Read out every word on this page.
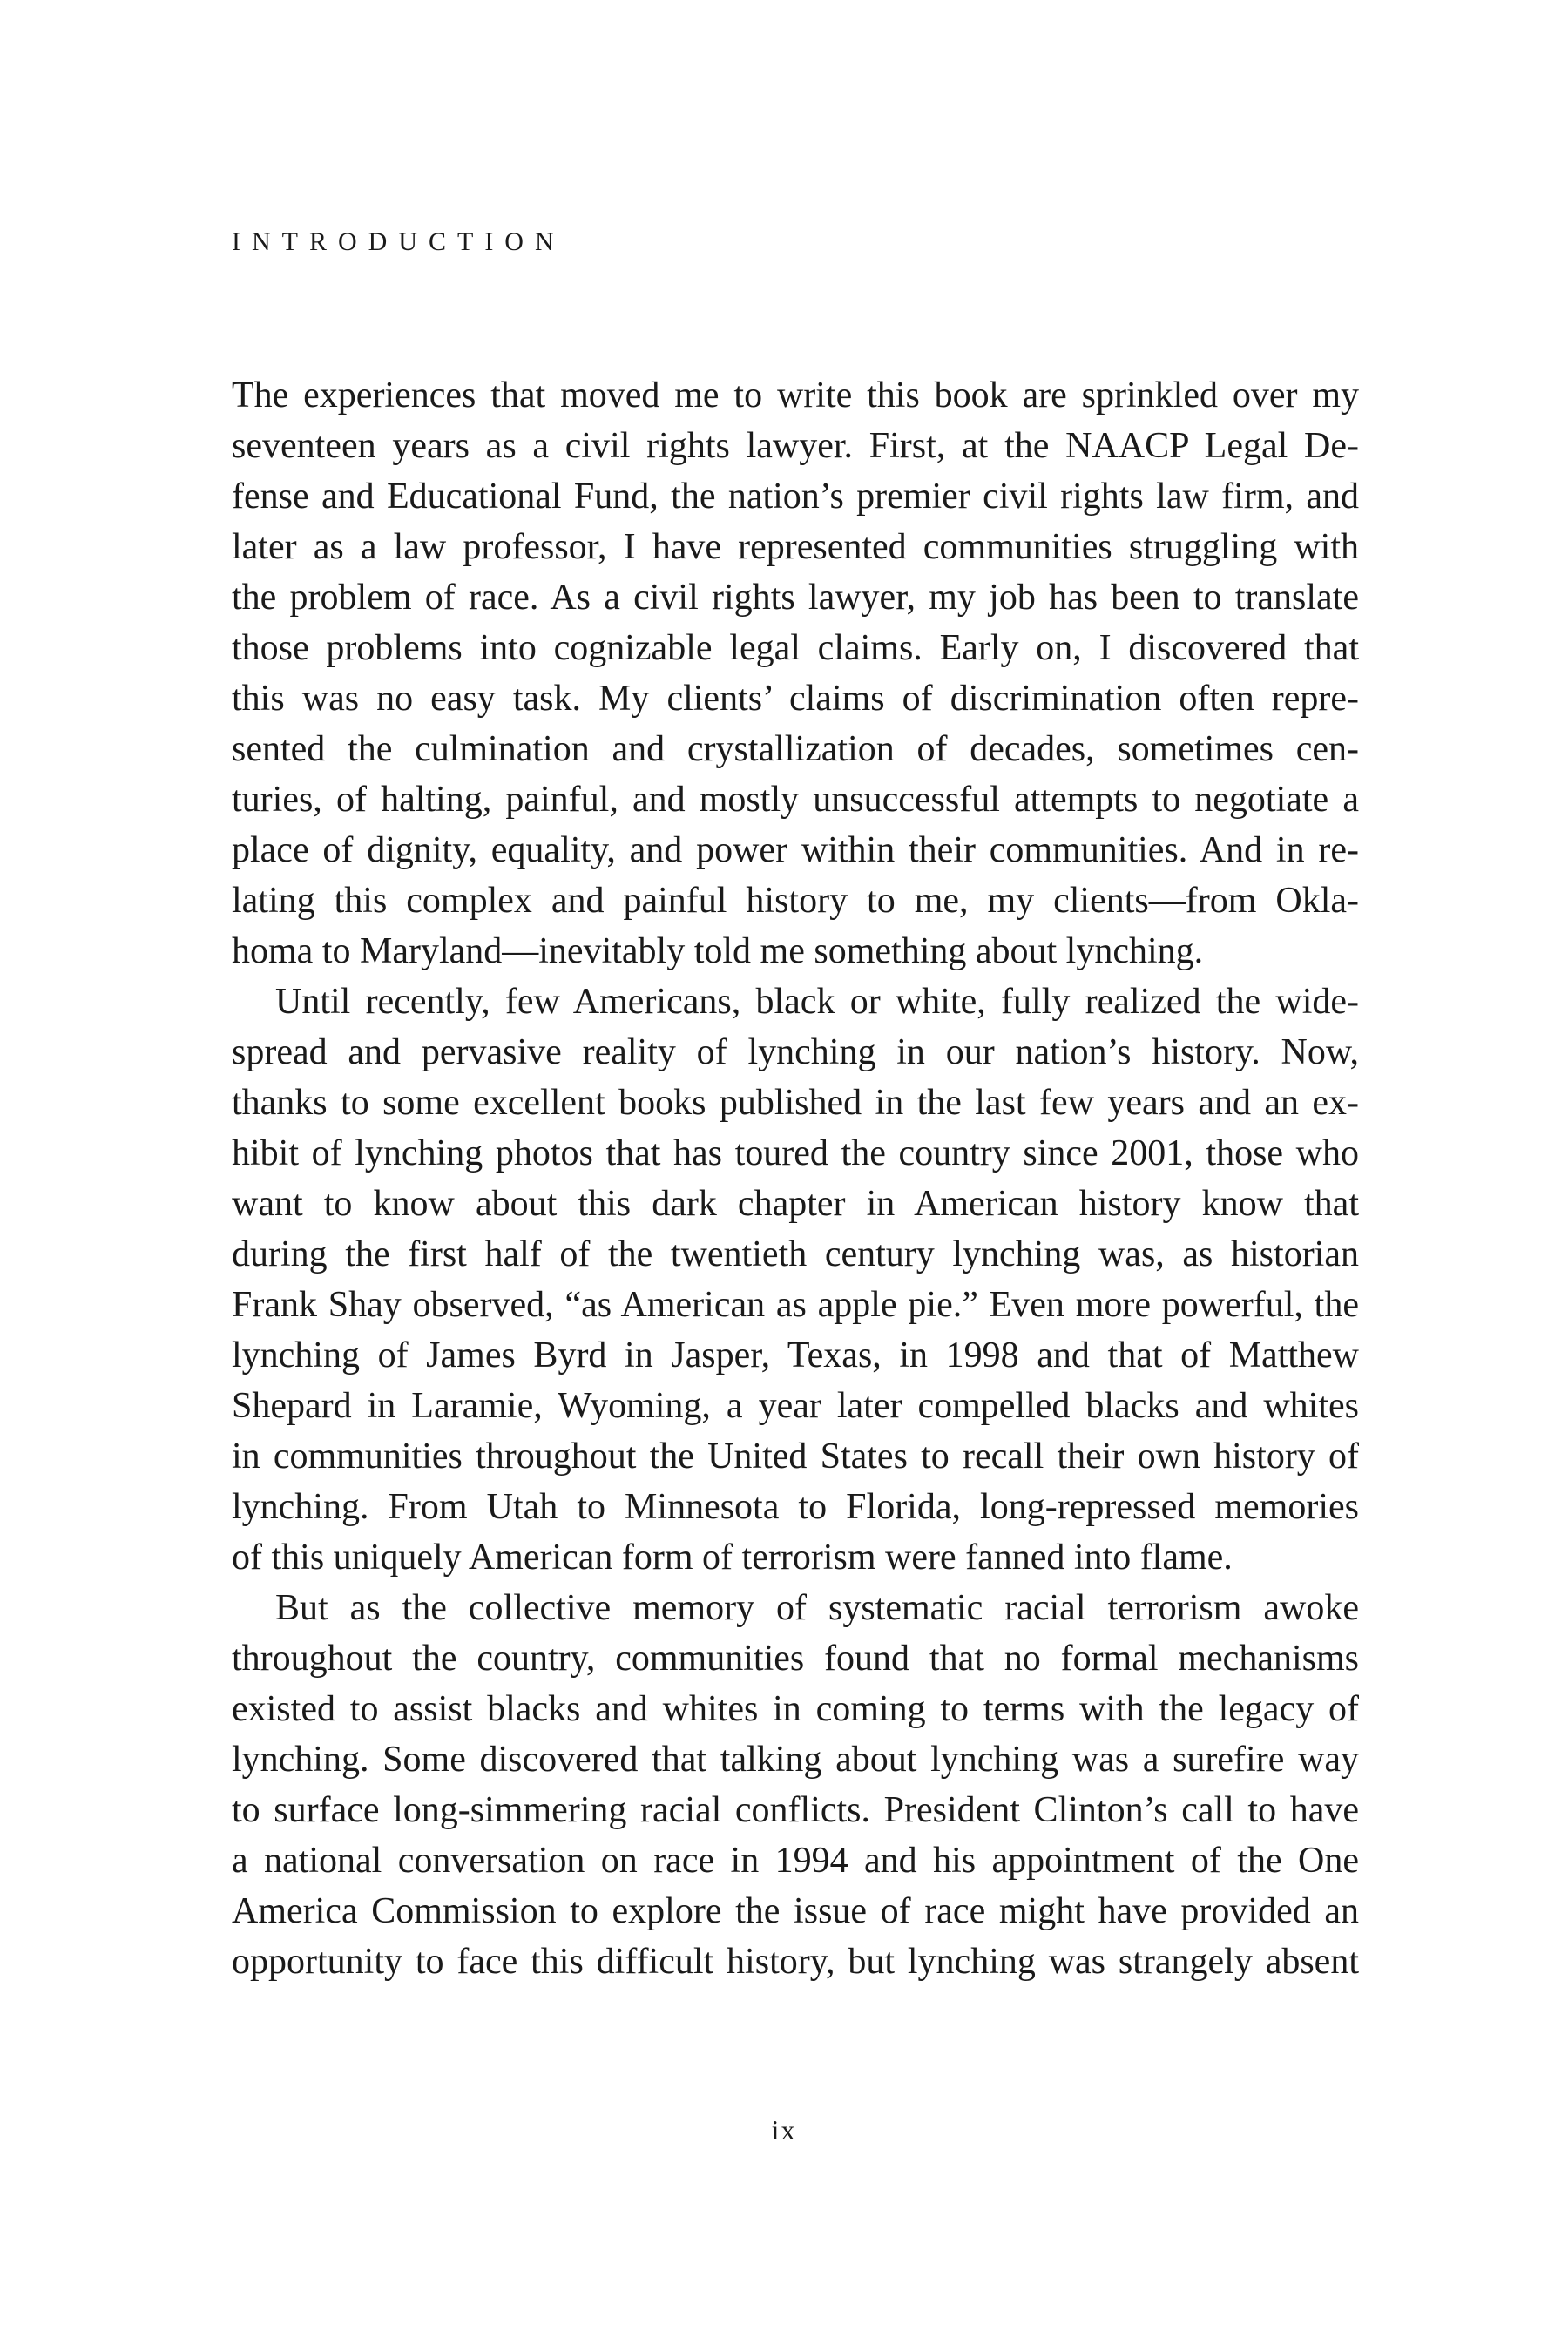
INTRODUCTION
The experiences that moved me to write this book are sprinkled over my
seventeen years as a civil rights lawyer. First, at the NAACP Legal De-
fense and Educational Fund, the nation’s premier civil rights law firm, and
later as a law professor, I have represented communities struggling with
the problem of race. As a civil rights lawyer, my job has been to translate
those problems into cognizable legal claims. Early on, I discovered that
this was no easy task. My clients’ claims of discrimination often repre-
sented the culmination and crystallization of decades, sometimes cen-
turies, of halting, painful, and mostly unsuccessful attempts to negotiate a
place of dignity, equality, and power within their communities. And in re-
lating this complex and painful history to me, my clients—from Okla-
homa to Maryland—inevitably told me something about lynching.
Until recently, few Americans, black or white, fully realized the wide-
spread and pervasive reality of lynching in our nation’s history. Now,
thanks to some excellent books published in the last few years and an ex-
hibit of lynching photos that has toured the country since 2001, those who
want to know about this dark chapter in American history know that
during the first half of the twentieth century lynching was, as historian
Frank Shay observed, “as American as apple pie.” Even more powerful, the
lynching of James Byrd in Jasper, Texas, in 1998 and that of Matthew
Shepard in Laramie, Wyoming, a year later compelled blacks and whites
in communities throughout the United States to recall their own history of
lynching. From Utah to Minnesota to Florida, long-repressed memories
of this uniquely American form of terrorism were fanned into flame.
But as the collective memory of systematic racial terrorism awoke
throughout the country, communities found that no formal mechanisms
existed to assist blacks and whites in coming to terms with the legacy of
lynching. Some discovered that talking about lynching was a surefire way
to surface long-simmering racial conflicts. President Clinton’s call to have
a national conversation on race in 1994 and his appointment of the One
America Commission to explore the issue of race might have provided an
opportunity to face this difficult history, but lynching was strangely absent
ix
